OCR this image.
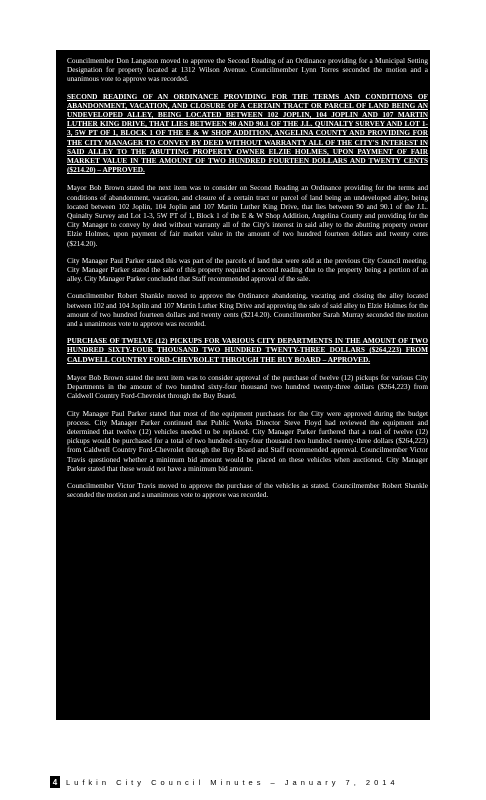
Councilmember Don Langston moved to approve the Second Reading of an Ordinance providing for a Municipal Setting Designation for property located at 1312 Wilson Avenue. Councilmember Lynn Torres seconded the motion and a unanimous vote to approve was recorded.

9. SECOND READING OF AN ORDINANCE PROVIDING FOR THE TERMS AND CONDITIONS OF ABANDONMENT, VACATION, AND CLOSURE OF A CERTAIN TRACT OR PARCEL OF LAND BEING AN UNDEVELOPED ALLEY, BEING LOCATED BETWEEN 102 JOPLIN, 104 JOPLIN AND 107 MARTIN LUTHER KING DRIVE, THAT LIES BETWEEN 90 AND 90.1 OF THE J.L. QUINALTY SURVEY AND LOT 1-3, 5W PT OF 1, BLOCK 1 OF THE E & W SHOP ADDITION, ANGELINA COUNTY AND PROVIDING FOR THE CITY MANAGER TO CONVEY BY DEED WITHOUT WARRANTY ALL OF THE CITY'S INTEREST IN SAID ALLEY TO THE ABUTTING PROPERTY OWNER ELZIE HOLMES, UPON PAYMENT OF FAIR MARKET VALUE IN THE AMOUNT OF TWO HUNDRED FOURTEEN DOLLARS AND TWENTY CENTS ($214.20) – APPROVED.

Mayor Bob Brown stated the next item was to consider on Second Reading an Ordinance providing for the terms and conditions of abandonment, vacation, and closure of a certain tract or parcel of land being an undeveloped alley, being located between 102 Joplin, 104 Joplin and 107 Martin Luther King Drive, that lies between 90 and 90.1 of the J.L. Quinalty Survey and Lot 1-3, 5W PT of 1, Block 1 of the E & W Shop Addition, Angelina County and providing for the City Manager to convey by deed without warranty all of the City's interest in said alley to the abutting property owner Elzie Holmes, upon payment of fair market value in the amount of two hundred fourteen dollars and twenty cents ($214.20).

City Manager Paul Parker stated this was part of the parcels of land that were sold at the previous City Council meeting. City Manager Parker stated the sale of this property required a second reading due to the property being a portion of an alley. City Manager Parker concluded that Staff recommended approval of the sale.

Councilmember Robert Shankle moved to approve the Ordinance abandoning, vacating and closing the alley located between 102 and 104 Joplin and 107 Martin Luther King Drive and approving the sale of said alley to Elzie Holmes for the amount of two hundred fourteen dollars and twenty cents ($214.20). Councilmember Sarah Murray seconded the motion and a unanimous vote to approve was recorded.

10. PURCHASE OF TWELVE (12) PICKUPS FOR VARIOUS CITY DEPARTMENTS IN THE AMOUNT OF TWO HUNDRED SIXTY-FOUR THOUSAND TWO HUNDRED TWENTY-THREE DOLLARS ($264,223) FROM CALDWELL COUNTRY FORD-CHEVROLET THROUGH THE BUY BOARD – APPROVED.

Mayor Bob Brown stated the next item was to consider approval of the purchase of twelve (12) pickups for various City Departments in the amount of two hundred sixty-four thousand two hundred twenty-three dollars ($264,223) from Caldwell Country Ford-Chevrolet through the Buy Board.

City Manager Paul Parker stated that most of the equipment purchases for the City were approved during the budget process. City Manager Parker continued that Public Works Director Steve Floyd had reviewed the equipment and determined that twelve (12) vehicles needed to be replaced. City Manager Parker furthered that a total of twelve (12) pickups would be purchased for a total of two hundred sixty-four thousand two hundred twenty-three dollars ($264,223) from Caldwell Country Ford-Chevrolet through the Buy Board and Staff recommended approval. Councilmember Victor Travis questioned whether a minimum bid amount would be placed on these vehicles when auctioned. City Manager Parker stated that these would not have a minimum bid amount.

Councilmember Victor Travis moved to approve the purchase of the vehicles as stated. Councilmember Robert Shankle seconded the motion and a unanimous vote to approve was recorded.

4	Lufkin City Council Minutes – January 7, 2014
